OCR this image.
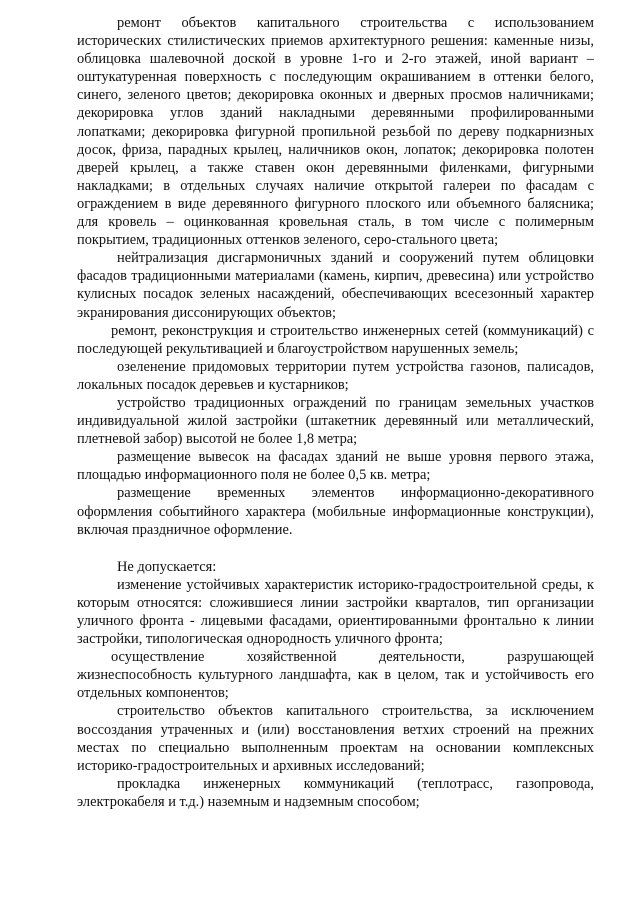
ремонт объектов капитального строительства с использованием исторических стилистических приемов архитектурного решения: каменные низы, облицовка шалевочной доской в уровне 1-го и 2-го этажей, иной вариант – оштукатуренная поверхность с последующим окрашиванием в оттенки белого, синего, зеленого цветов; декорировка оконных и дверных просмов наличниками; декорировка углов зданий накладными деревянными профилированными лопатками; декорировка фигурной пропильной резьбой по дереву подкарнизных досок, фриза, парадных крылец, наличников окон, лопаток; декорировка полотен дверей крылец, а также ставен окон деревянными филенками, фигурными накладками; в отдельных случаях наличие открытой галереи по фасадам с ограждением в виде деревянного фигурного плоского или объемного балясника; для кровель – оцинкованная кровельная сталь, в том числе с полимерным покрытием, традиционных оттенков зеленого, серо-стального цвета;

нейтрализация дисгармоничных зданий и сооружений путем облицовки фасадов традиционными материалами (камень, кирпич, древесина) или устройство кулисных посадок зеленых насаждений, обеспечивающих всесезонный характер экранирования диссонирующих объектов;

ремонт, реконструкция и строительство инженерных сетей (коммуникаций) с последующей рекультивацией и благоустройством нарушенных земель;

озеленение придомовых территории путем устройства газонов, палисадов, локальных посадок деревьев и кустарников;

устройство традиционных ограждений по границам земельных участков индивидуальной жилой застройки (штакетник деревянный или металлический, плетневой забор) высотой не более 1,8 метра;

размещение вывесок на фасадах зданий не выше уровня первого этажа, площадью информационного поля не более 0,5 кв. метра;

размещение временных элементов информационно-декоративного оформления событийного характера (мобильные информационные конструкции), включая праздничное оформление.

Не допускается:

изменение устойчивых характеристик историко-градостроительной среды, к которым относятся: сложившиеся линии застройки кварталов, тип организации уличного фронта - лицевыми фасадами, ориентированными фронтально к линии застройки, типологическая однородность уличного фронта;

осуществление хозяйственной деятельности, разрушающей жизнеспособность культурного ландшафта, как в целом, так и устойчивость его отдельных компонентов;

строительство объектов капитального строительства, за исключением воссоздания утраченных и (или) восстановления ветхих строений на прежних местах по специально выполненным проектам на основании комплексных историко-градостроительных и архивных исследований;

прокладка инженерных коммуникаций (теплотрасс, газопровода, электрокабеля и т.д.) наземным и надземным способом;
